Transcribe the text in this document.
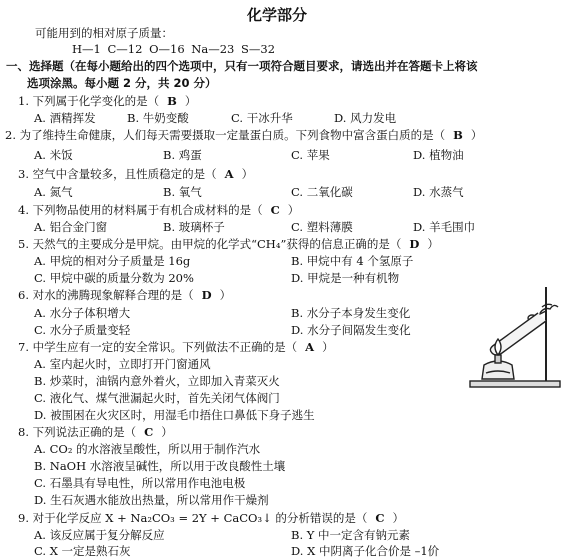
化学部分
可能用到的相对原子质量：
H—1 C—12 O—16 Na—23 S—32
一、选择题（在每小题给出的四个选项中，只有一项符合题目要求，请选出并在答题卡上将该
选项涂黑。每小题 2 分，共 20 分）
1. 下列属于化学变化的是（ B ）
A. 酒精挥发	B. 牛奶变酸	C. 干冰升华	D. 风力发电
2. 为了维持生命健康，人们每天需要摄取一定量蛋白质。下列食物中富含蛋白质的是（ B ）
A. 米饭	B. 鸡蛋	C. 苹果	D. 植物油
3. 空气中含量较多，且性质稳定的是（ A ）
A. 氮气	B. 氧气	C. 二氧化碳	D. 水蒸气
4. 下列物品使用的材料属于有机合成材料的是（ C ）
A. 铝合金门窗	B. 玻璃杯子	C. 塑料薄膜	D. 羊毛围巾
5. 天然气的主要成分是甲烷。由甲烷的化学式“CH₄”获得的信息正确的是（ D ）
A. 甲烷的相对分子质量是 16g	B. 甲烷中有 4 个氢原子
C. 甲烷中碳的质量分数为 20%	D. 甲烷是一种有机物
6. 对水的沸腾现象解释合理的是（ D ）
A. 水分子体积增大	B. 水分子本身发生变化
C. 水分子质量变轻	D. 水分子间隔发生变化
7. 中学生应有一定的安全常识。下列做法不正确的是（ A ）
A. 室内起火时，立即打开门窗通风
B. 炒菜时，油锅内意外着火，立即加入青菜灭火
C. 液化气、煤气泄漏起火时，首先关闭气体阀门
D. 被围困在火灾区时，用湿毛巾捂住口鼻低下身子逃生
8. 下列说法正确的是（ C ）
A. CO₂ 的水溶液呈酸性，所以用于制作汽水
B. NaOH 水溶液呈碱性，所以用于改良酸性土壤
C. 石墨具有导电性，所以常用作电池电极
D. 生石灰遇水能放出热量，所以常用作干燥剂
9. 对于化学反应 X + Na₂CO₃ = 2Y + CaCO₃↓ 的分析错误的是（ C ）
A. 该反应属于复分解反应	B. Y 中一定含有钠元素
C. X 一定是熟石灰	D. X 中阴离子化合价是 –1价
